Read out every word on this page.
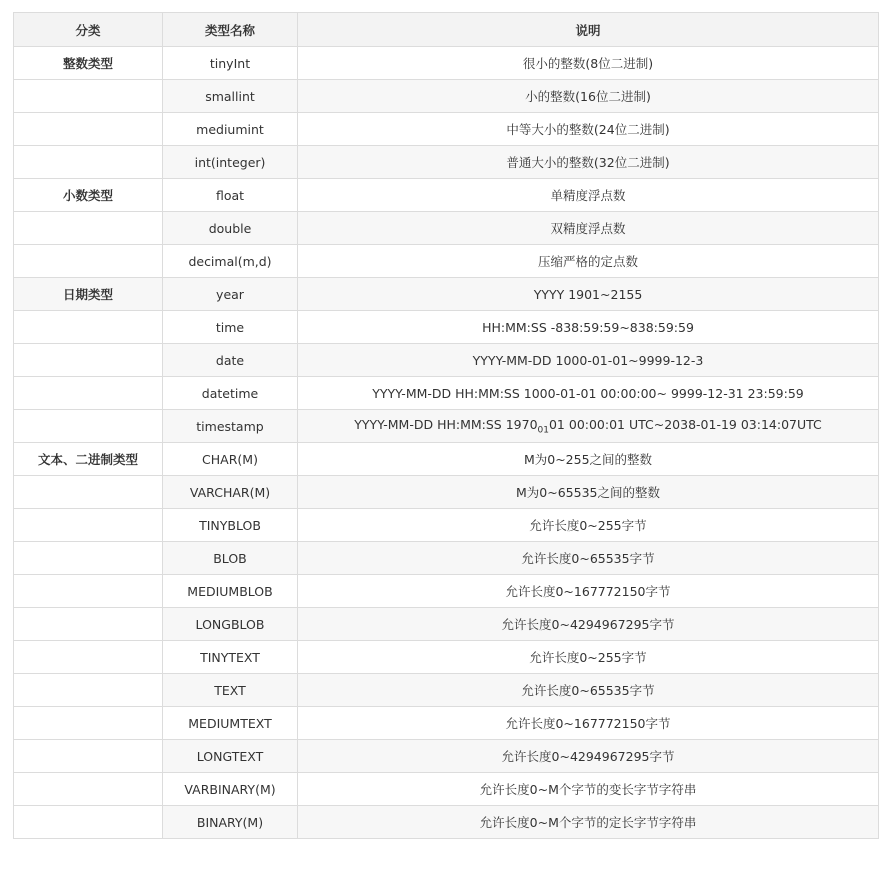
分类	类型名称	说明
整数类型	tinyInt	很小的整数(8位二进制)
	smallint	小的整数(16位二进制)
	mediumint	中等大小的整数(24位二进制)
	int(integer)	普通大小的整数(32位二进制)
小数类型	float	单精度浮点数
	double	双精度浮点数
	decimal(m,d)	压缩严格的定点数
日期类型	year	YYYY 1901~2155
	time	HH:MM:SS -838:59:59~838:59:59
	date	YYYY-MM-DD 1000-01-01~9999-12-3
	datetime	YYYY-MM-DD HH:MM:SS 1000-01-01 00:00:00~ 9999-12-31 23:59:59
	timestamp	YYYY-MM-DD HH:MM:SS $1970_{01}01$ 00:00:01 UTC~2038-01-19 03:14:07UTC
文本、二进制类型	CHAR(M)	M为0~255之间的整数
	VARCHAR(M)	M为0~65535之间的整数
	TINYBLOB	允许长度0~255字节
	BLOB	允许长度0~65535字节
	MEDIUMBLOB	允许长度0~167772150字节
	LONGBLOB	允许长度0~4294967295字节
	TINYTEXT	允许长度0~255字节
	TEXT	允许长度0~65535字节
	MEDIUMTEXT	允许长度0~167772150字节
	LONGTEXT	允许长度0~4294967295字节
	VARBINARY(M)	允许长度0~M个字节的变长字节字符串
	BINARY(M)	允许长度0~M个字节的定长字节字符串
